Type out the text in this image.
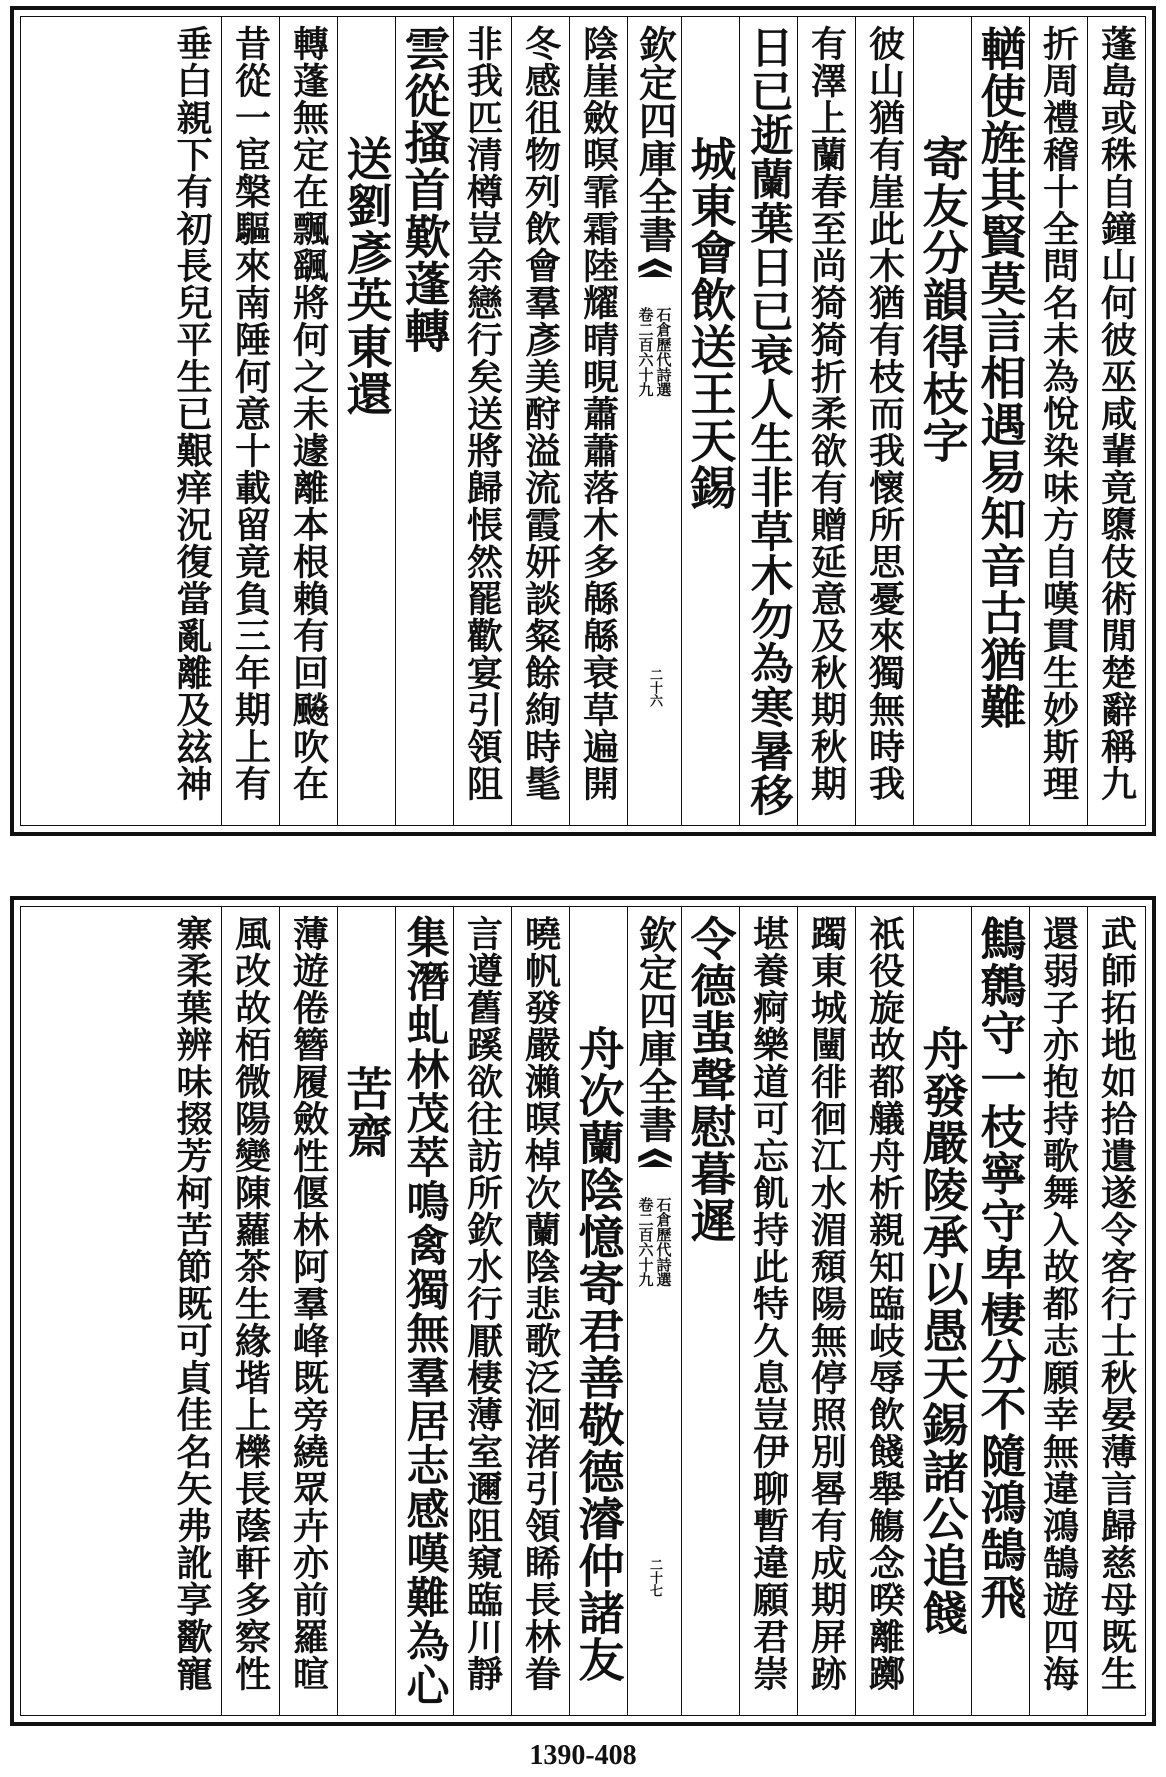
蓬島或秼自鐘山何彼巫咸輩竟隳伎術閒楚辭稱九
折周禮稽十全問名未為悅染味方自嘆貫生妙斯理
輶使旌其賢莫言相遇易知音古猶難
寄友分韻得枝字
彼山猶有崖此木猶有枝而我懷所思憂來獨無時我
有澤上蘭春至尚猗猗折柔欲有贈延意及秋期秋期
日已逝蘭葉日已衰人生非草木勿為寒暑移
城東會飲送王天錫
欽定四庫全書
石倉歷代詩選
卷二百六十九
二十六
陰崖斂暝霏霜陸耀晴晛蕭蕭落木多緜緜衰草遍開
冬感徂物列飲會羣彥美酧溢流霞妍談粲餘絢時髦
非我匹清樽豈余戀行矣送將歸悵然罷歡宴引領阻
雲從搔首歎蓬轉
送劉彥英東還
轉蓬無定在飄颻將何之未遽離本根賴有回飈吹在
昔從一宦槃驅來南陲何意十載留竟負三年期上有
垂白親下有初長兒平生已艱痒況復當亂離及玆神
武師拓地如拾遺遂令客行士秋晏薄言歸慈母既生
還弱子亦抱持歌舞入故都志願幸無違鴻鵠遊四海
鷦鷯守一枝寧守卑棲分不隨鴻鵠飛
舟發嚴陵承以愚天錫諸公追餞
祇役旋故都艤舟析親知臨岐辱飲餞舉觴念暌離躑
躅東城闉徘徊江水湄頹陽無停照別晷有成期屏跡
堪養痾樂道可忘飢持此特久息豈伊聊暫違願君崇
令德蜚聲慰暮遲
欽定四庫全書
石倉歷代詩選
卷二百六十九
二十七
舟次蘭陰憶寄君善敬德濬仲諸友
曉帆發嚴瀨暝棹次蘭陰悲歌泛洄渚引領睎長林眷
言遵舊蹊欲往訪所欽水行厭棲薄室邇阻窺臨川靜
集潛虬林茂萃鳴禽獨無羣居志感嘆難為心
苦齋
薄遊倦簪履斂性偃林阿羣峰既旁繞眾卉亦前羅暄
風改故栢微陽變陳蘿茶生緣堦上櫟長蔭軒多察性
寨柔葉辨味掇芳柯苦節既可貞佳名矢弗訛享歠寵
1390-408
